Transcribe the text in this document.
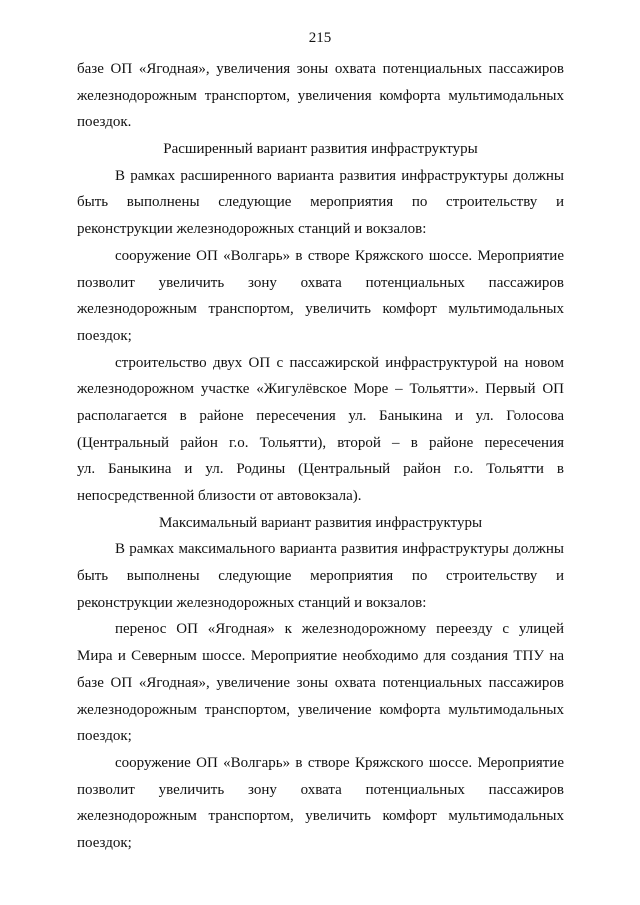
215
базе ОП «Ягодная», увеличения зоны охвата потенциальных пассажиров
железнодорожным транспортом, увеличения комфорта мультимодальных
поездок.
Расширенный вариант развития инфраструктуры
В рамках расширенного варианта развития инфраструктуры должны
быть выполнены следующие мероприятия по строительству и
реконструкции железнодорожных станций и вокзалов:
сооружение ОП «Волгарь» в створе Кряжского шоссе. Мероприятие
позволит увеличить зону охвата потенциальных пассажиров
железнодорожным транспортом, увеличить комфорт мультимодальных
поездок;
строительство двух ОП с пассажирской инфраструктурой на новом
железнодорожном участке «Жигулёвское Море – Тольятти». Первый ОП
располагается в районе пересечения ул. Баныкина и ул. Голосова
(Центральный район г.о. Тольятти), второй – в районе пересечения
ул. Баныкина и ул. Родины (Центральный район г.о. Тольятти в
непосредственной близости от автовокзала).
Максимальный вариант развития инфраструктуры
В рамках максимального варианта развития инфраструктуры должны
быть выполнены следующие мероприятия по строительству и
реконструкции железнодорожных станций и вокзалов:
перенос ОП «Ягодная» к железнодорожному переезду с улицей
Мира и Северным шоссе. Мероприятие необходимо для создания ТПУ на
базе ОП «Ягодная», увеличение зоны охвата потенциальных пассажиров
железнодорожным транспортом, увеличение комфорта мультимодальных
поездок;
сооружение ОП «Волгарь» в створе Кряжского шоссе. Мероприятие
позволит увеличить зону охвата потенциальных пассажиров
железнодорожным транспортом, увеличить комфорт мультимодальных
поездок;
